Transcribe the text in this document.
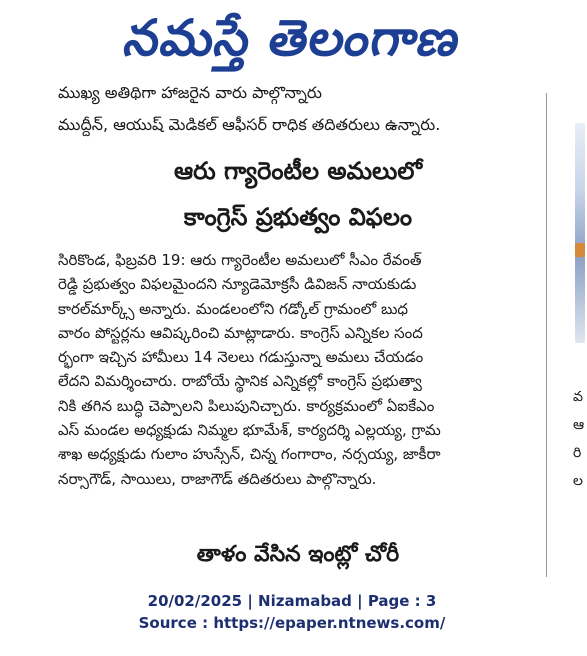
నమస్తే తెలంగాణ
ముఖ్య అతిథిగా హాజరైన వారు పాల్గొన్నారు
ముద్దీన్, ఆయుష్ మెడికల్ ఆఫీసర్ రాధిక తదితరులు ఉన్నారు.
ఆరు గ్యారెంటీల అమలులో
కాంగ్రెస్ ప్రభుత్వం విఫలం
సిరికొండ, ఫిబ్రవరి 19: ఆరు గ్యారెంటీల అమలులో సీఎం రేవంత్
రెడ్డి ప్రభుత్వం విఫలమైందని న్యూడెమోక్రసీ డివిజన్ నాయకుడు
కారల్‌మార్క్స్ అన్నారు. మండలంలోని గడ్కోల్ గ్రామంలో బుధ
వారం పోస్టర్లను ఆవిష్కరించి మాట్లాడారు. కాంగ్రెస్ ఎన్నికల సంద
ర్భంగా ఇచ్చిన హామీలు 14 నెలలు గడుస్తున్నా అమలు చేయడం
లేదని విమర్శించారు. రాబోయే స్థానిక ఎన్నికల్లో కాంగ్రెస్ ప్రభుత్వా
నికి తగిన బుద్ధి చెప్పాలని పిలుపునిచ్చారు. కార్యక్రమంలో ఏఐకేఎం
ఎస్ మండల అధ్యక్షుడు నిమ్మల భూమేశ్, కార్యదర్శి ఎల్లయ్య, గ్రామ
శాఖ అధ్యక్షుడు గులాం హుస్సేన్, చిన్న గంగారాం, నర్సయ్య, జాకీరా
నర్సాగౌడ్, సాయిలు, రాజాగౌడ్ తదితరులు పాల్గొన్నారు.
తాళం వేసిన ఇంట్లో చోరీ
వ
ఆ
రి
ల
20/02/2025 | Nizamabad | Page : 3
Source : https://epaper.ntnews.com/
